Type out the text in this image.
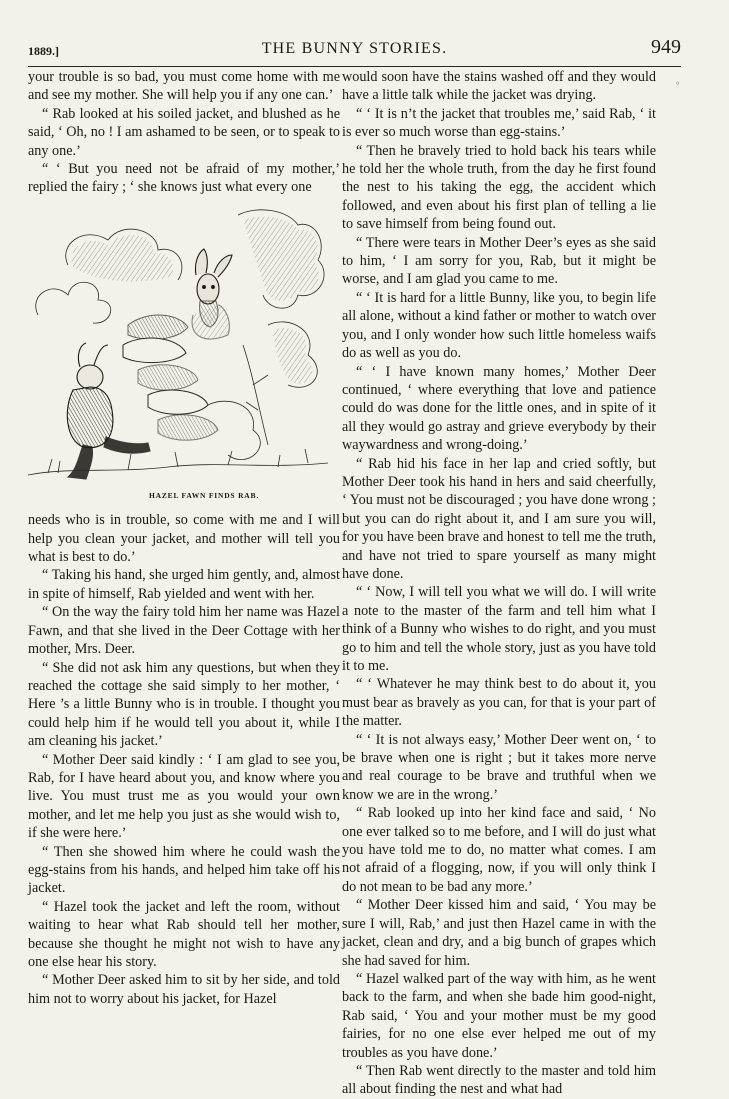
1889.]	THE BUNNY STORIES.	949

your trouble is so bad, you must come home with me and see my mother. She will help you if any one can.’

“ Rab looked at his soiled jacket, and blushed as he said, ‘ Oh, no ! I am ashamed to be seen, or to speak to any one.’

“ ‘ But you need not be afraid of my mother,’ replied the fairy ; ‘ she knows just what every one

HAZEL FAWN FINDS RAB.

needs who is in trouble, so come with me and I will help you clean your jacket, and mother will tell you what is best to do.’

“ Taking his hand, she urged him gently, and, almost in spite of himself, Rab yielded and went with her.

“ On the way the fairy told him her name was Hazel Fawn, and that she lived in the Deer Cottage with her mother, Mrs. Deer.

“ She did not ask him any questions, but when they reached the cottage she said simply to her mother, ‘ Here ’s a little Bunny who is in trouble. I thought you could help him if he would tell you about it, while I am cleaning his jacket.’

“ Mother Deer said kindly : ‘ I am glad to see you, Rab, for I have heard about you, and know where you live. You must trust me as you would your own mother, and let me help you just as she would wish to, if she were here.’

“ Then she showed him where he could wash the egg-stains from his hands, and helped him take off his jacket.

“ Hazel took the jacket and left the room, without waiting to hear what Rab should tell her mother, because she thought he might not wish to have any one else hear his story.

“ Mother Deer asked him to sit by her side, and told him not to worry about his jacket, for Hazel

would soon have the stains washed off and they would have a little talk while the jacket was drying.

“ ‘ It is n’t the jacket that troubles me,’ said Rab, ‘ it is ever so much worse than egg-stains.’

“ Then he bravely tried to hold back his tears while he told her the whole truth, from the day he first found the nest to his taking the egg, the accident which followed, and even about his first plan of telling a lie to save himself from being found out.

“ There were tears in Mother Deer’s eyes as she said to him, ‘ I am sorry for you, Rab, but it might be worse, and I am glad you came to me.

“ ‘ It is hard for a little Bunny, like you, to begin life all alone, without a kind father or mother to watch over you, and I only wonder how such little homeless waifs do as well as you do.

“ ‘ I have known many homes,’ Mother Deer continued, ‘ where everything that love and patience could do was done for the little ones, and in spite of it all they would go astray and grieve everybody by their waywardness and wrong-doing.’

“ Rab hid his face in her lap and cried softly, but Mother Deer took his hand in hers and said cheerfully, ‘ You must not be discouraged ; you have done wrong ; but you can do right about it, and I am sure you will, for you have been brave and honest to tell me the truth, and have not tried to spare yourself as many might have done.

“ ‘ Now, I will tell you what we will do. I will write a note to the master of the farm and tell him what I think of a Bunny who wishes to do right, and you must go to him and tell the whole story, just as you have told it to me.

“ ‘ Whatever he may think best to do about it, you must bear as bravely as you can, for that is your part of the matter.

“ ‘ It is not always easy,’ Mother Deer went on, ‘ to be brave when one is right ; but it takes more nerve and real courage to be brave and truthful when we know we are in the wrong.’

“ Rab looked up into her kind face and said, ‘ No one ever talked so to me before, and I will do just what you have told me to do, no matter what comes. I am not afraid of a flogging, now, if you will only think I do not mean to be bad any more.’

“ Mother Deer kissed him and said, ‘ You may be sure I will, Rab,’ and just then Hazel came in with the jacket, clean and dry, and a big bunch of grapes which she had saved for him.

“ Hazel walked part of the way with him, as he went back to the farm, and when she bade him good-night, Rab said, ‘ You and your mother must be my good fairies, for no one else ever helped me out of my troubles as you have done.’

“ Then Rab went directly to the master and told him all about finding the nest and what had

°
